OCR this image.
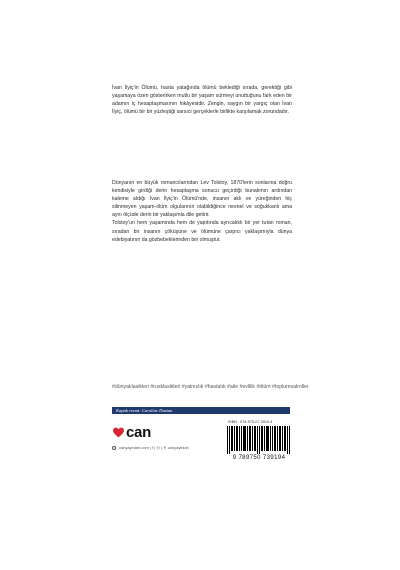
İvan İlyiç'in Ölümü, hasta yatağında ölümü beklediği sırada, gerektiği gibi yaşamaya özen gösterirken mutlu bir yaşam sürmeyi unuttuğunu fark eden bir adamın iç hesaplaşmasının hikâyesidir. Zengin, saygın bir yargıç olan İvan İlyiç, ölümü bir bir yüzleştiği sarsıcı gerçeklerle birlikte karşılamak zorundadır.

Dünyanın en büyük romancılarından Lev Tolstoy, 1870'lerin sonlarına doğru kendisiyle girdiği derin hesaplaşma sonucu geçirdiği bunalımın ardından kaleme aldığı İvan İlyiç'in Ölümü'nde, insanın aklı ve yüreğinden hiç silinmeyen yaşam-ölüm olgularının olabildiğince nesnel ve soğukkanlı ama aynı ölçüde derin bir yaklaşımla dile getirir.

Tolstoy'un hem yaşamında hem de yapıtında ayrıcalıklı bir yer tutan roman, sıradan bir insanın çöküşüne ve ölümüne çarpıcı yaklaşımıyla dünya edebiyatının da gözbebeklerinden biri olmuştur.

#dünyaklasikleri #rusklasikleri #yalnızlık #hastalık #aile #evlilik #ölüm #toplumsalroller
Kapak resmi: Caroline Dustan
can
canyayinlari.com | f | ◎ | ✕ canyayinlari
ISBN : 978-975-07-3919-4
9 789750 739194
